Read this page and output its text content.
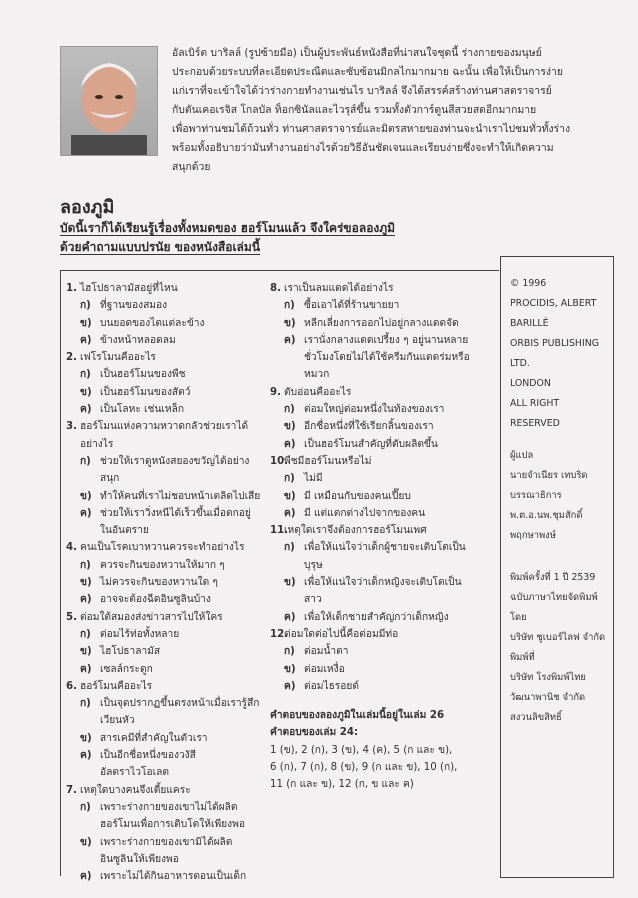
อัลเบิร์ต บาริลล์ (รูปซ้ายมือ) เป็นผู้ประพันธ์หนังสือที่น่าสนใจชุดนี้ ร่างกายของมนุษย์

ประกอบด้วยระบบที่ละเอียดประณีตและซับซ้อนมิกลไกมากมาย ฉะนั้น เพื่อให้เป็นการง่าย

แก่เราที่จะเข้าใจได้ว่าร่างกายทำงานเช่นไร บาริลล์ จึงได้สรรค์สร้างท่านศาสตราจารย์

กับตันเคอเรจิส โกลบัล ท็อกซินัลและไวรุส์ขึ้น รวมทั้งตัวการ์ตูนสีสวยสดอีกมากมาย

เพื่อพาท่านชมได้ถ้วนทั่ว ท่านศาสตราจารย์และมิตรสหายของท่านจะนำเราไปชมทั่วทั้งร่าง

พร้อมทั้งอธิบายว่ามันทำงานอย่างไรด้วยวิธีอันชัดเจนและเรียบง่ายซึ่งจะทำให้เกิดความ

สนุกด้วย

ลองภูมิ
บัดนี้เราก็ได้เรียนรู้เรื่องทั้งหมดของ ฮอร์โมนแล้ว จึงใคร่ขอลองภูมิ
ด้วยคำถามแบบปรนัย ของหนังสือเล่มนี้
1. ไฮโปธาลามัสอยู่ที่ไหน
ก) ที่ฐานของสมอง
ข) บนยอดของไตแต่ละข้าง
ค) ข้างหน้าหลอดลม
2. เฟโรโมนคืออะไร
ก) เป็นฮอร์โมนของพืช
ข) เป็นฮอร์โมนของสัตว์
ค) เป็นโลหะ เช่นเหล็ก
3. ฮอร์โมนแห่งความหวาดกลัวช่วยเราได้อย่างไร
ก) ช่วยให้เราดูหนังสยองขวัญได้อย่างสนุก
ข) ทำให้คนที่เราไม่ชอบหน้าเตลิดไปเสีย
ค) ช่วยให้เราวิ่งหนีได้เร็วขึ้นเมื่อตกอยู่ในอันตราย
4. คนเป็นโรคเบาหวานควรจะทำอย่างไร
ก) ควรจะกินของหวานให้มาก ๆ
ข) ไม่ควรจะกินของหวานใด ๆ
ค) อาจจะต้องฉีดอินซูลินบ้าง
5. ต่อมใต้สมองส่งข่าวสารไปให้ใคร
ก) ต่อมไร้ท่อทั้งหลาย
ข) ไฮโปธาลามัส
ค) เซลล์กระดูก
6. ฮอร์โมนคืออะไร
ก) เป็นจุดปรากฏขึ้นตรงหน้าเมื่อเรารู้สึกเวียนหัว
ข) สารเคมีที่สำคัญในตัวเรา
ค) เป็นอีกชื่อหนึ่งของวงัสีอัลตราไวโอเลต
7. เหตุใดบางคนจึงเตี้ยแคระ
ก) เพราะร่างกายของเขาไม่ได้ผลิตฮอร์โมนเพื่อการเติบโตให้เพียงพอ
ข) เพราะร่างกายของเขามิได้ผลิตอินซูลินให้เพียงพอ
ค) เพราะไม่ได้กินอาหารตอนเป็นเด็ก
8. เราเป็นลมแดดได้อย่างไร
ก) ซื้อเอาได้ที่ร้านขายยา
ข) หลีกเลี่ยงการออกไปอยู่กลางแดดจัด
ค) เรานั่งกลางแดดเปรี้ยง ๆ อยู่นานหลายชั่วโมงโดยไม่ได้ใช้ครีมกันแดดร่มหรือหมวก
9. ตับอ่อนคืออะไร
ก) ต่อมใหญ่ต่อมหนึ่งในท้องของเรา
ข) อีกชื่อหนึ่งที่ใช้เรียกลิ้นของเรา
ค) เป็นฮอร์โมนสำคัญที่ตับผลิตขึ้น
10.
พืชมีฮอร์โมนหรือไม่
ก) ไม่มี
ข) มี เหมือนกับของคนเปี๊ยบ
ค) มี แต่แตกต่างไปจากของคน
11.
เหตุใดเราจึงต้องการฮอร์โมนเพศ
ก) เพื่อให้แน่ใจว่าเด็กผู้ชายจะเติบโตเป็นบุรุษ
ข) เพื่อให้แน่ใจว่าเด็กหญิงจะเติบโตเป็นสาว
ค) เพื่อให้เด็กชายสำคัญกว่าเด็กหญิง
12.
ต่อมใดต่อไปนี้คือต่อมมีท่อ
ก) ต่อมน้ำตา
ข) ต่อมเหงื่อ
ค) ต่อมไธรอยด์
คำตอบของลองภูมิในเล่มนี้อยู่ในเล่ม 26
คำตอบของเล่ม 24:
1 (ข), 2 (ก), 3 (ข), 4 (ค), 5 (ก และ ข),
6 (ก), 7 (ก), 8 (ข), 9 (ก และ ข), 10 (ก),
11 (ก และ ข), 12 (ก, ข และ ค)
© 1996
PROCIDIS, ALBERT BARILLÉ
ORBIS PUBLISHING LTD.
LONDON
ALL RIGHT RESERVED
ผู้แปล
นายจำเนียร เทบริด
บรรณาธิการ
พ.ต.อ.นพ.ชุมสักดิ์ พฤกษาพงษ์
พิมพ์ครั้งที่ 1 ปี 2539
ฉบับภาษาไทยจัดพิมพ์โดย
บริษัท ชูเบอร์ไลฟ จำกัด
พิมพ์ที่
บริษัท โรงพิมพ์ไทยวัฒนาพานิช จำกัด
สงวนลิขสิทธิ์
